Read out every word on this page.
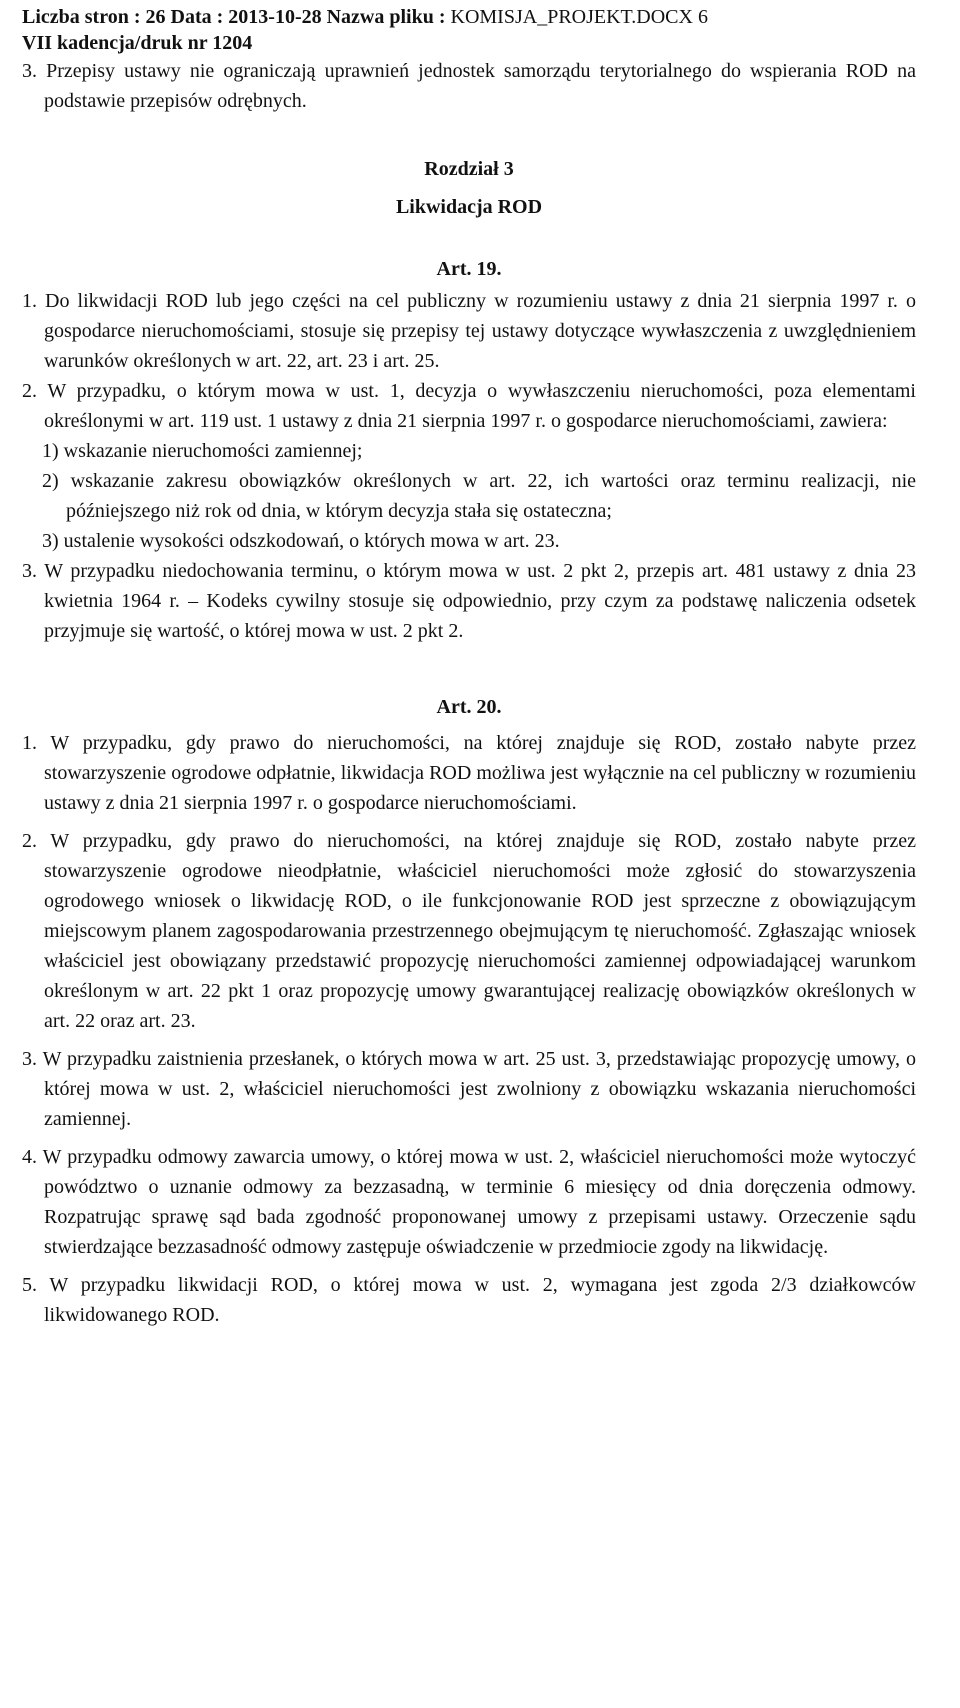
Liczba stron : 26 Data : 2013-10-28 Nazwa pliku : KOMISJA_PROJEKT.DOCX 6
VII kadencja/druk nr 1204

3. Przepisy ustawy nie ograniczają uprawnień jednostek samorządu terytorialnego do wspierania ROD na podstawie przepisów odrębnych.

Rozdział 3

Likwidacja ROD

Art. 19.

1. Do likwidacji ROD lub jego części na cel publiczny w rozumieniu ustawy z dnia 21 sierpnia 1997 r. o gospodarce nieruchomościami, stosuje się przepisy tej ustawy dotyczące wywłaszczenia z uwzględnieniem warunków określonych w art. 22, art. 23 i art. 25.

2. W przypadku, o którym mowa w ust. 1, decyzja o wywłaszczeniu nieruchomości, poza elementami określonymi w art. 119 ust. 1 ustawy z dnia 21 sierpnia 1997 r. o gospodarce nieruchomościami, zawiera:

1) wskazanie nieruchomości zamiennej;

2) wskazanie zakresu obowiązków określonych w art. 22, ich wartości oraz terminu realizacji, nie późniejszego niż rok od dnia, w którym decyzja stała się ostateczna;

3) ustalenie wysokości odszkodowań, o których mowa w art. 23.

3. W przypadku niedochowania terminu, o którym mowa w ust. 2 pkt 2, przepis art. 481 ustawy z dnia 23 kwietnia 1964 r. – Kodeks cywilny stosuje się odpowiednio, przy czym za podstawę naliczenia odsetek przyjmuje się wartość, o której mowa w ust. 2 pkt 2.

Art. 20.

1. W przypadku, gdy prawo do nieruchomości, na której znajduje się ROD, zostało nabyte przez stowarzyszenie ogrodowe odpłatnie, likwidacja ROD możliwa jest wyłącznie na cel publiczny w rozumieniu ustawy z dnia 21 sierpnia 1997 r. o gospodarce nieruchomościami.

2. W przypadku, gdy prawo do nieruchomości, na której znajduje się ROD, zostało nabyte przez stowarzyszenie ogrodowe nieodpłatnie, właściciel nieruchomości może zgłosić do stowarzyszenia ogrodowego wniosek o likwidację ROD, o ile funkcjonowanie ROD jest sprzeczne z obowiązującym miejscowym planem zagospodarowania przestrzennego obejmującym tę nieruchomość. Zgłaszając wniosek właściciel jest obowiązany przedstawić propozycję nieruchomości zamiennej odpowiadającej warunkom określonym w art. 22 pkt 1 oraz propozycję umowy gwarantującej realizację obowiązków określonych w art. 22 oraz art. 23.

3. W przypadku zaistnienia przesłanek, o których mowa w art. 25 ust. 3, przedstawiając propozycję umowy, o której mowa w ust. 2, właściciel nieruchomości jest zwolniony z obowiązku wskazania nieruchomości zamiennej.

4. W przypadku odmowy zawarcia umowy, o której mowa w ust. 2, właściciel nieruchomości może wytoczyć powództwo o uznanie odmowy za bezzasadną, w terminie 6 miesięcy od dnia doręczenia odmowy. Rozpatrując sprawę sąd bada zgodność proponowanej umowy z przepisami ustawy. Orzeczenie sądu stwierdzające bezzasadność odmowy zastępuje oświadczenie w przedmiocie zgody na likwidację.

5. W przypadku likwidacji ROD, o której mowa w ust. 2, wymagana jest zgoda 2/3 działkowców likwidowanego ROD.
